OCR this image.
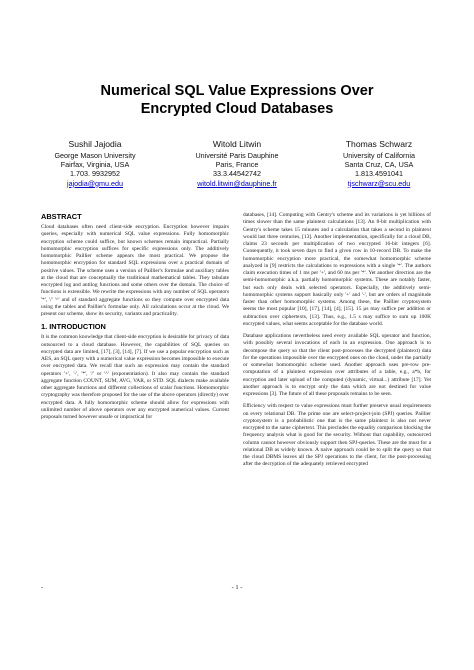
Numerical SQL Value Expressions Over
Encrypted Cloud Databases
Sushil Jajodia
George Mason University
Fairfax, Virginia, USA
1.703. 9932952
jajodia@gmu.edu
Witold Litwin
Université Paris Dauphine
Paris, France
33.3.44542742
witold.litwin@dauphine.fr
Thomas Schwarz
University of California
Santa Cruz, CA, USA
1.813.4591041
tjschwarz@scu.edu
ABSTRACT

Cloud databases often need client-side encryption. Encryption however impairs queries, especially with numerical SQL value expressions. Fully homomorphic encryption scheme could suffice, but known schemes remain impractical. Partially homomorphic encryption suffices for specific expressions only. The additively homomorphic Paillier scheme appears the most practical. We propose the homomorphic encryption for standard SQL expressions over a practical domain of positive values. The scheme uses a version of Paillier's formulae and auxiliary tables at the cloud that are conceptually the traditional mathematical tables. They tabulate encrypted log and antilog functions and some others over the domain. The choice of functions is extensible. We rewrite the expressions with any number of SQL operators '*', '/' '^' and of standard aggregate functions so they compute over encrypted data using the tables and Paillier's formulae only. All calculations occur at the cloud. We present our scheme, show its security, variants and practicality.

1. INTRODUCTION

It is the common knowledge that client-side encryption is desirable for privacy of data outsourced to a cloud database. However, the capabilities of SQL queries on encrypted data are limited, [17], [3], [14], [7]. If we use a popular encryption such as AES, an SQL query with a numerical value expression becomes impossible to execute over encrypted data. We recall that such an expression may contain the standard operators '+', '-', '*', '/' or '^' (exponentiation). It also may contain the standard aggregate function COUNT, SUM, AVG, VAR, or STD. SQL dialects make available other aggregate functions and different collections of scalar functions. Homomorphic cryptography was therefore proposed for the use of the above operators (directly) over encrypted data. A fully homomorphic scheme should allow for expressions with unlimited number of above operators over any encrypted numerical values. Current proposals turned however unsafe or impractical for

databases, [14]. Computing with Gentry's scheme and its variations is yet billions of times slower than the same plaintext calculations [13]. An 8-bit multiplication with Gentry's scheme takes 15 minutes and a calculation that takes a second in plaintext would last three centuries, [13]. Another implementation, specifically for a cloud DB, claims 23 seconds per multiplication of two encrypted 16-bit integers [6]. Consequently, it took seven days to find a given row in 10-record DB. To make the homomorphic encryption more practical, the somewhat homomorphic scheme analyzed in [9] restricts the calculations to expressions with a single '*'. The authors claim execution times of 1 ms per '+', and 60 ms per '*'. Yet another direction are the semi-homomorphic a.k.a. partially homomorphic systems. These are notably faster, but each only deals with selected operators. Especially, the additively semi-homomorphic systems support basically only '+' and '-', but are orders of magnitude faster than other homomorphic systems. Among these, the Paillier cryptosystem seems the most popular [10], [17], [14], [4], [15]. 15 µs may suffice per addition or subtraction over ciphertexts, [13]. Thus, e.g., 1.5 s may suffice to sum up 100K encrypted values, what seems acceptable for the database world.

Database applications nevertheless need every available SQL operator and function, with possibly several invocations of each in an expression. One approach is to decompose the query so that the client post-processes the decrypted (plaintext) data for the operations impossible over the encrypted ones on the cloud, under the partially or somewhat homomorphic scheme used. Another approach uses pre-row pre-computation of a plaintext expression over attributes of a table, e.g., a*b, for encryption and later upload of the computed (dynamic, virtual...) attribute [17]. Yet another approach is to encrypt only the data which are not destined for value expressions [3]. The future of all these proposals remains to be seen.

Efficiency with respect to value expressions must further preserve usual requirements on every relational DB. The prime one are select-project-join (SPJ) queries. Paillier cryptosystem is a probabilistic one that is the same plaintext is also not never encrypted to the same ciphertext. This precludes the equality comparison blocking the frequency analysis what is good for the security. Without that capability, outsourced column cannot however obviously support then SPJ-queries. These are the must for a relational DB as widely known. A naive approach could be to split the query so that the cloud DBMS leaves all the SPJ operations to the client, for the post-processing after the decryption of the adequately retrieved encrypted

-	- 1 -
